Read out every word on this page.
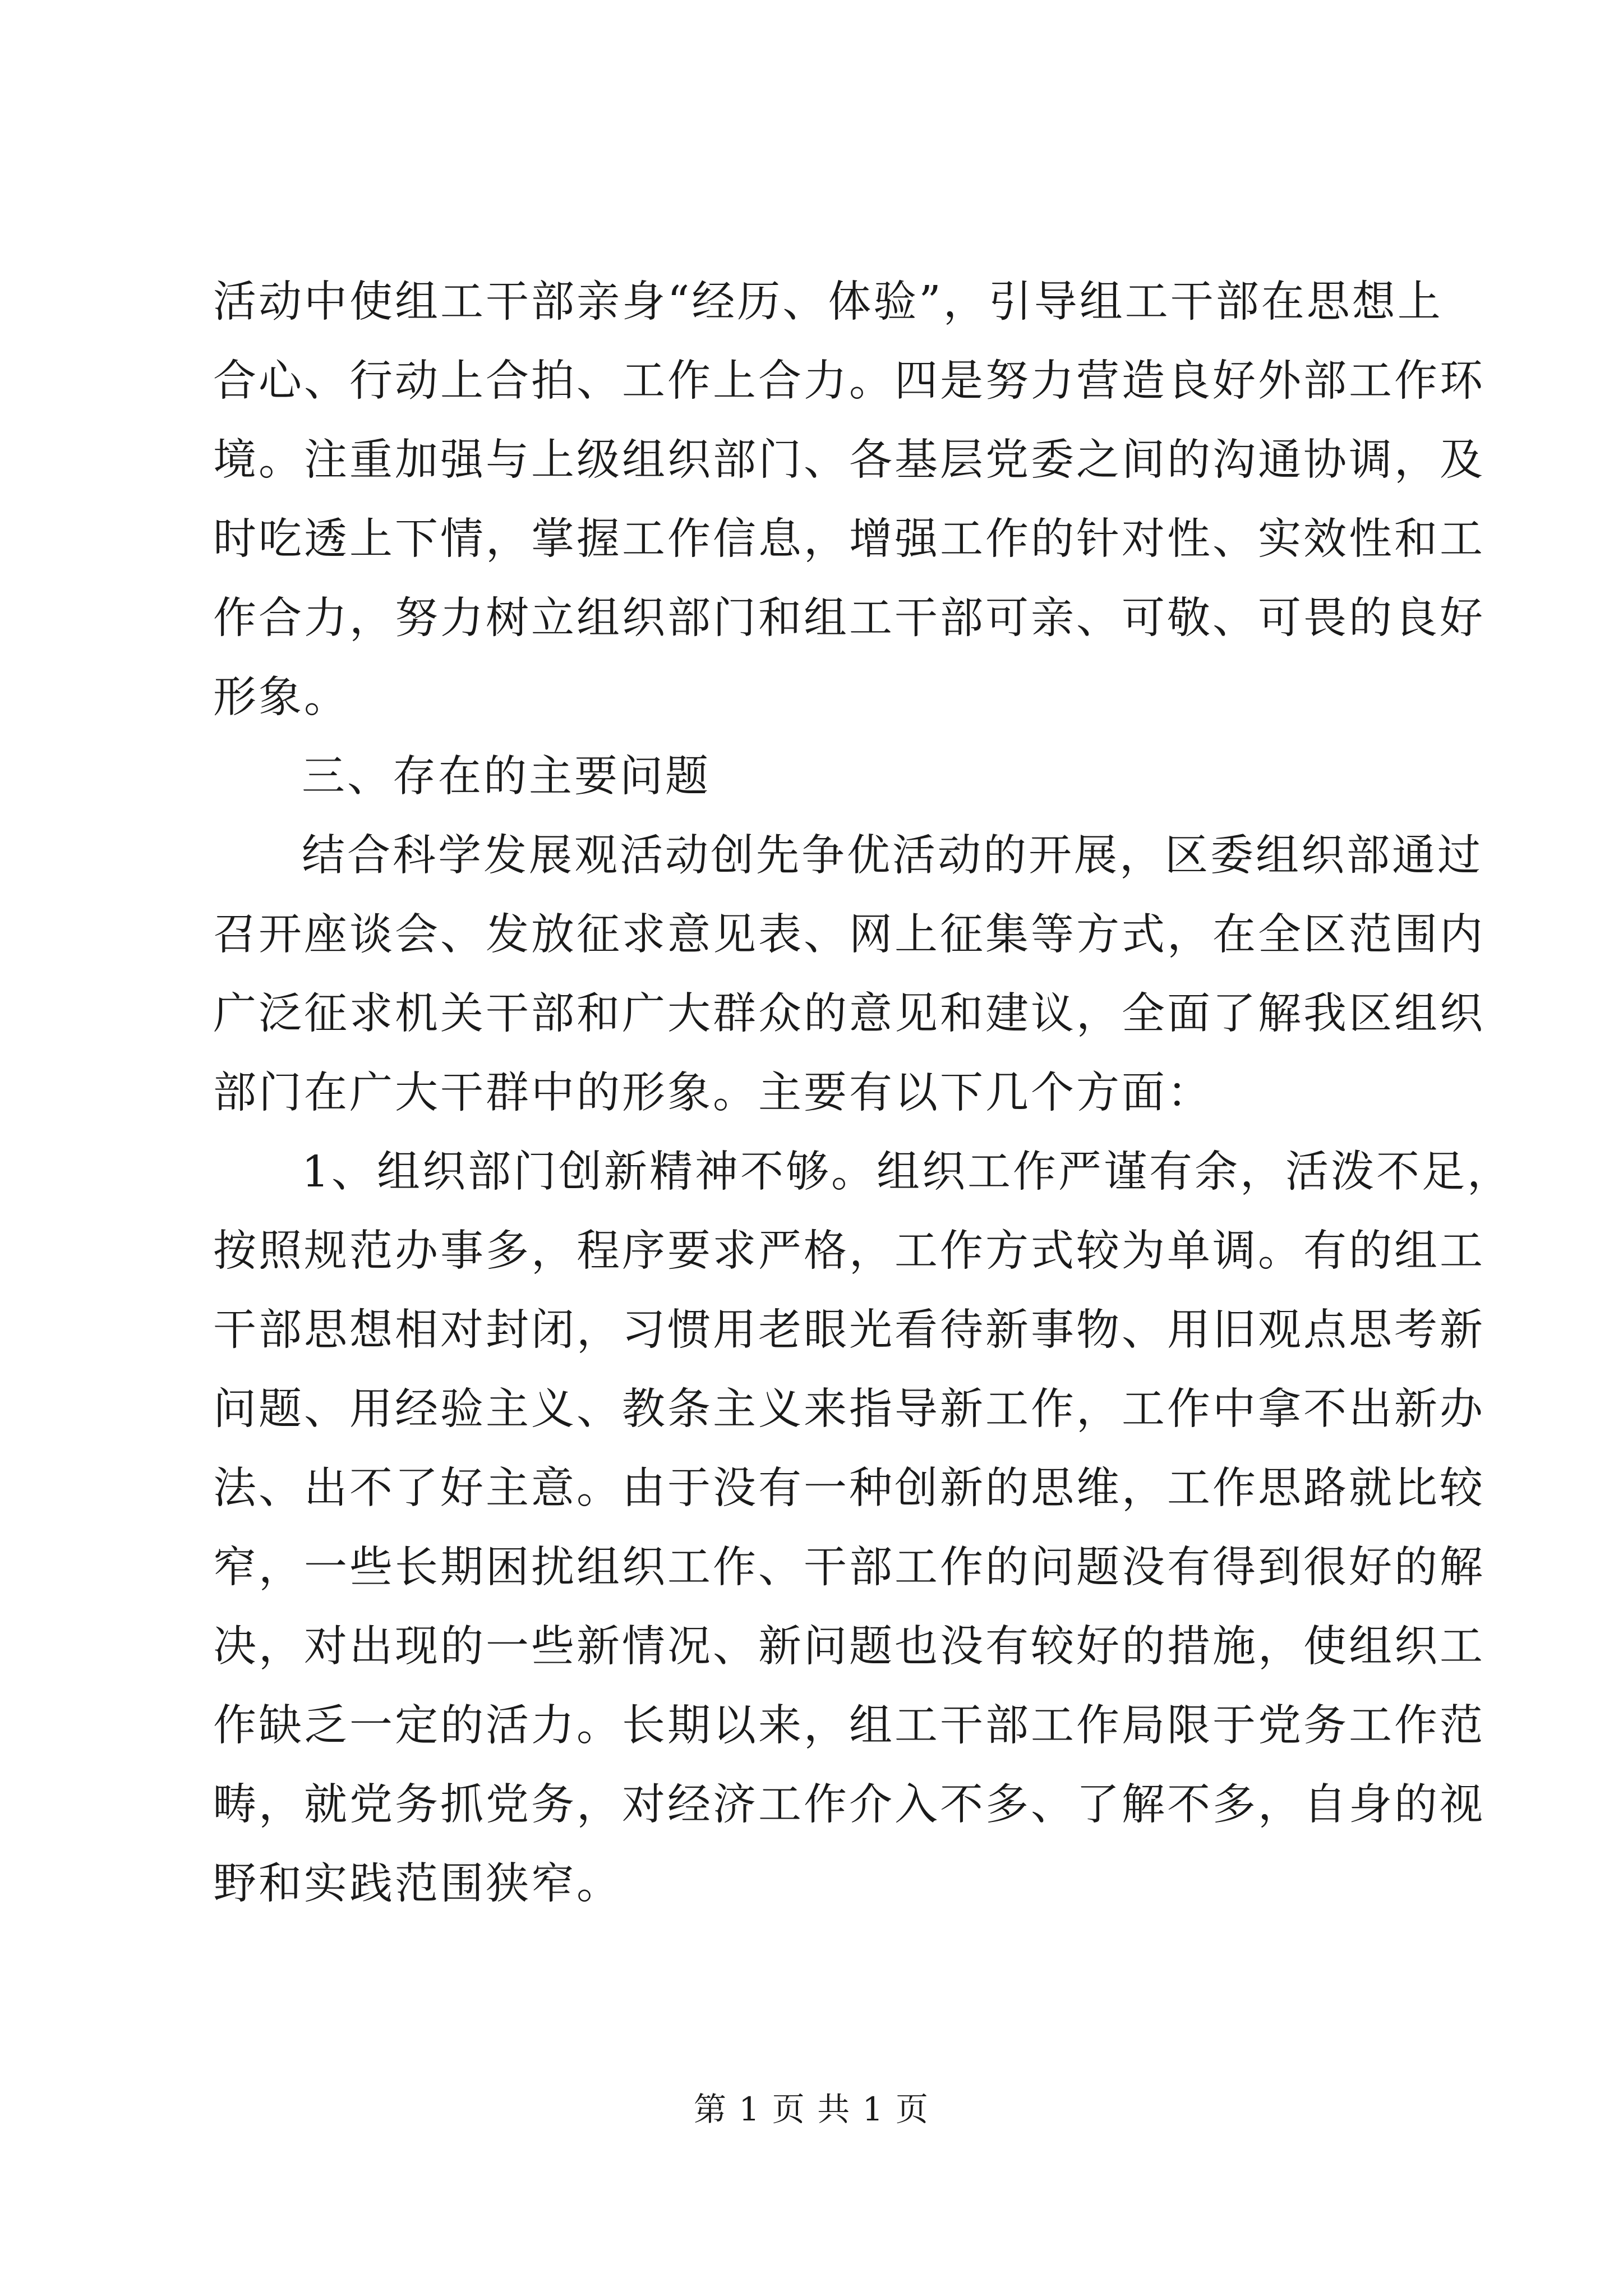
活动中使组工干部亲身“经历、体验”，引导组工干部在思想上
合心、行动上合拍、工作上合力。四是努力营造良好外部工作环
境。注重加强与上级组织部门、各基层党委之间的沟通协调，及
时吃透上下情，掌握工作信息，增强工作的针对性、实效性和工
作合力，努力树立组织部门和组工干部可亲、可敬、可畏的良好
形象。
三、存在的主要问题
结合科学发展观活动创先争优活动的开展，区委组织部通过
召开座谈会、发放征求意见表、网上征集等方式，在全区范围内
广泛征求机关干部和广大群众的意见和建议，全面了解我区组织
部门在广大干群中的形象。主要有以下几个方面：
1、组织部门创新精神不够。组织工作严谨有余，活泼不足，
按照规范办事多，程序要求严格，工作方式较为单调。有的组工
干部思想相对封闭，习惯用老眼光看待新事物、用旧观点思考新
问题、用经验主义、教条主义来指导新工作，工作中拿不出新办
法、出不了好主意。由于没有一种创新的思维，工作思路就比较
窄，一些长期困扰组织工作、干部工作的问题没有得到很好的解
决，对出现的一些新情况、新问题也没有较好的措施，使组织工
作缺乏一定的活力。长期以来，组工干部工作局限于党务工作范
畴，就党务抓党务，对经济工作介入不多、了解不多，自身的视
野和实践范围狭窄。
第 1 页 共 1 页
